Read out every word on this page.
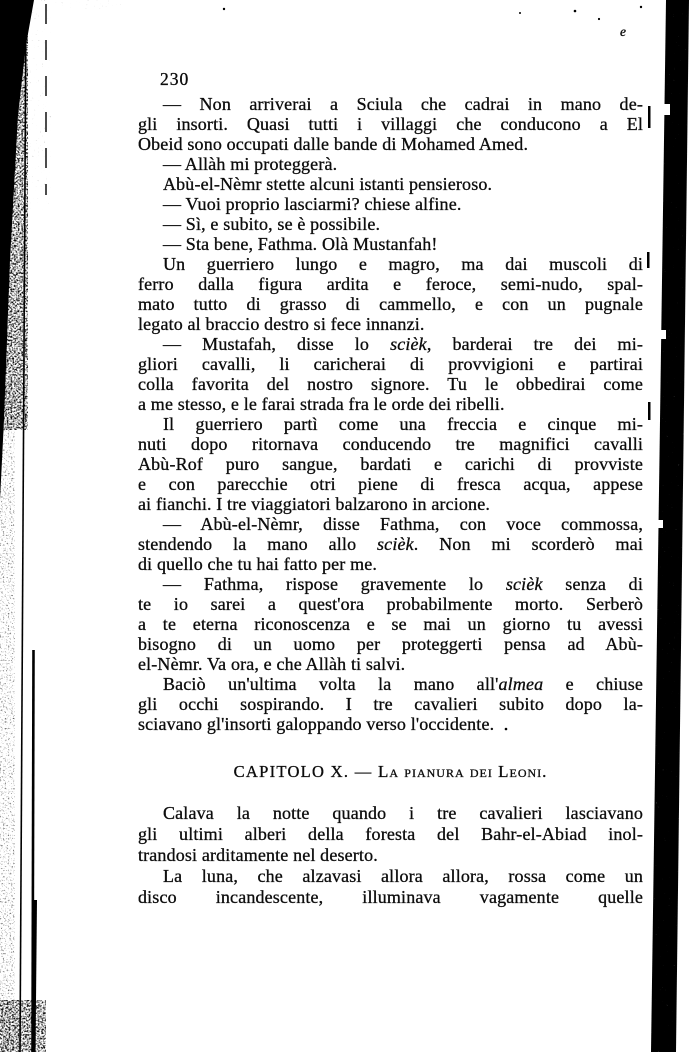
230
e
— Non arriverai a Sciula che cadrai in mano de-
gli insorti. Quasi tutti i villaggi che conducono a El
Obeid sono occupati dalle bande di Mohamed Amed.
— Allàh mi proteggerà.
Abù-el-Nèmr stette alcuni istanti pensieroso.
— Vuoi proprio lasciarmi? chiese alfine.
— Sì, e subito, se è possibile.
— Sta bene, Fathma. Olà Mustanfah!
Un guerriero lungo e magro, ma dai muscoli di
ferro dalla figura ardita e feroce, semi-nudo, spal-
mato tutto di grasso di cammello, e con un pugnale
legato al braccio destro si fece innanzi.
— Mustafah, disse lo scièk, barderai tre dei mi-
gliori cavalli, li caricherai di provvigioni e partirai
colla favorita del nostro signore. Tu le obbedirai come
a me stesso, e le farai strada fra le orde dei ribelli.
Il guerriero partì come una freccia e cinque mi-
nuti dopo ritornava conducendo tre magnifici cavalli
Abù-Rof puro sangue, bardati e carichi di provviste
e con parecchie otri piene di fresca acqua, appese
ai fianchi. I tre viaggiatori balzarono in arcione.
— Abù-el-Nèmr, disse Fathma, con voce commossa,
stendendo la mano allo scièk. Non mi scorderò mai
di quello che tu hai fatto per me.
— Fathma, rispose gravemente lo scièk senza di
te io sarei a quest'ora probabilmente morto. Serberò
a te eterna riconoscenza e se mai un giorno tu avessi
bisogno di un uomo per proteggerti pensa ad Abù-
el-Nèmr. Va ora, e che Allàh ti salvi.
Baciò un'ultima volta la mano all'almea e chiuse
gli occhi sospirando. I tre cavalieri subito dopo la-
sciavano gl'insorti galoppando verso l'occidente.
CAPITOLO X. — La pianura dei Leoni.
Calava la notte quando i tre cavalieri lasciavano
gli ultimi alberi della foresta del Bahr-el-Abiad inol-
trandosi arditamente nel deserto.
La luna, che alzavasi allora allora, rossa come un
disco incandescente, illuminava vagamente quelle
